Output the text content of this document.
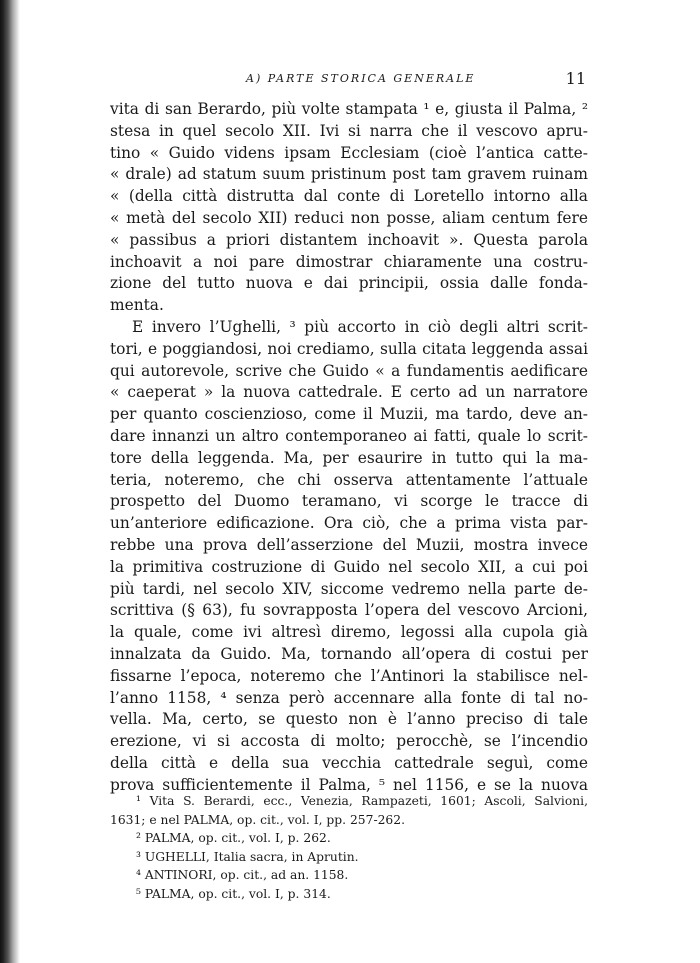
A) PARTE STORICA GENERALE	11
vita di san Berardo, più volte stampata ¹ e, giusta il Palma, ²
stesa in quel secolo XII. Ivi si narra che il vescovo apru-
tino « Guido videns ipsam Ecclesiam (cioè l’antica catte-
« drale) ad statum suum pristinum post tam gravem ruinam
« (della città distrutta dal conte di Loretello intorno alla
« metà del secolo XII) reduci non posse, aliam centum fere
« passibus a priori distantem inchoavit ». Questa parola
inchoavit a noi pare dimostrar chiaramente una costru-
zione del tutto nuova e dai principii, ossia dalle fonda-
menta.
E invero l’Ughelli, ³ più accorto in ciò degli altri scrit-
tori, e poggiandosi, noi crediamo, sulla citata leggenda assai
qui autorevole, scrive che Guido « a fundamentis aedificare
« caeperat » la nuova cattedrale. E certo ad un narratore
per quanto coscienzioso, come il Muzii, ma tardo, deve an-
dare innanzi un altro contemporaneo ai fatti, quale lo scrit-
tore della leggenda. Ma, per esaurire in tutto qui la ma-
teria, noteremo, che chi osserva attentamente l’attuale
prospetto del Duomo teramano, vi scorge le tracce di
un’anteriore edificazione. Ora ciò, che a prima vista par-
rebbe una prova dell’asserzione del Muzii, mostra invece
la primitiva costruzione di Guido nel secolo XII, a cui poi
più tardi, nel secolo XIV, siccome vedremo nella parte de-
scrittiva (§ 63), fu sovrapposta l’opera del vescovo Arcioni,
la quale, come ivi altresì diremo, legossi alla cupola già
innalzata da Guido. Ma, tornando all’opera di costui per
fissarne l’epoca, noteremo che l’Antinori la stabilisce nel-
l’anno 1158, ⁴ senza però accennare alla fonte di tal no-
vella. Ma, certo, se questo non è l’anno preciso di tale
erezione, vi si accosta di molto; perocchè, se l’incendio
della città e della sua vecchia cattedrale seguì, come
prova sufficientemente il Palma, ⁵ nel 1156, e se la nuova
¹ Vita S. Berardi, ecc., Venezia, Rampazeti, 1601; Ascoli, Salvioni,
1631; e nel PALMA, op. cit., vol. I, pp. 257-262.
² PALMA, op. cit., vol. I, p. 262.
³ UGHELLI, Italia sacra, in Aprutin.
⁴ ANTINORI, op. cit., ad an. 1158.
⁵ PALMA, op. cit., vol. I, p. 314.
